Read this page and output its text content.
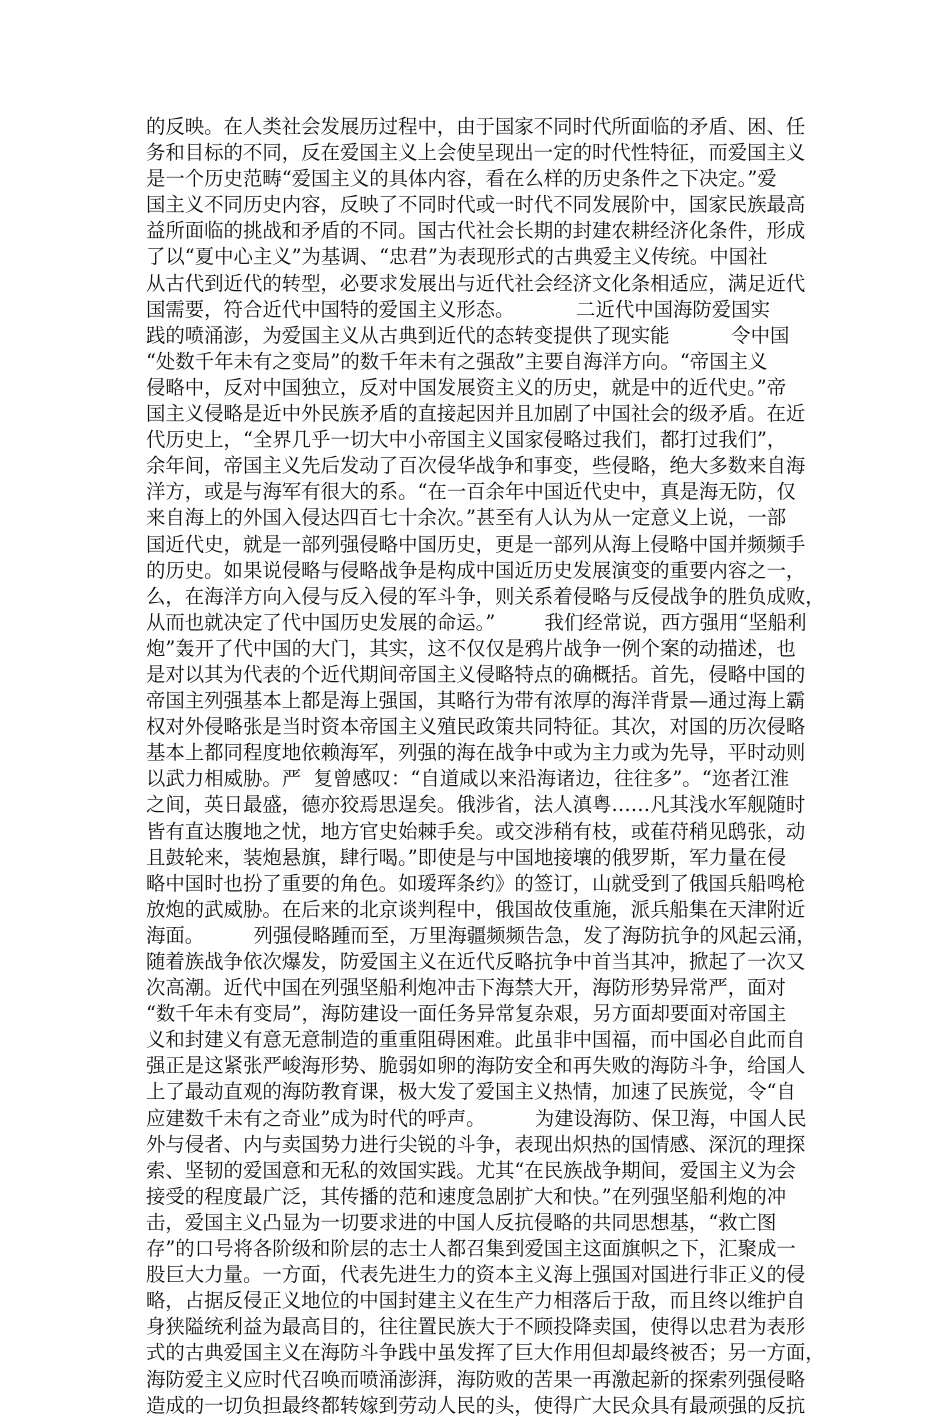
的反映。在人类社会发展历过程中，由于国家不同时代所面临的矛盾、困、任
务和目标的不同，反在爱国主义上会使呈现出一定的时代性特征，而爱国主义
是一个历史范畴“爱国主义的具体内容，看在么样的历史条件之下决定。”爱
国主义不同历史内容，反映了不同时代或一时代不同发展阶中，国家民族最高
益所面临的挑战和矛盾的不同。国古代社会长期的封建农耕经济化条件，形成
了以“夏中心主义”为基调、“忠君”为表现形式的古典爱主义传统。中国社
从古代到近代的转型，必要求发展出与近代社会经济文化条相适应，满足近代
国需要，符合近代中国特的爱国主义形态。          二近代中国海防爱国实
践的喷涌澎，为爱国主义从古典到近代的态转变提供了现实能          令中国
“处数千年未有之变局”的数千年未有之强敌”主要自海洋方向。“帝国主义
侵略中，反对中国独立，反对中国发展资主义的历史，就是中的近代史。”帝
国主义侵略是近中外民族矛盾的直接起因并且加剧了中国社会的级矛盾。在近
代历史上，“全界几乎一切大中小帝国主义国家侵略过我们，都打过我们”，
余年间，帝国主义先后发动了百次侵华战争和事变，些侵略，绝大多数来自海
洋方，或是与海军有很大的系。“在一百余年中国近代史中，真是海无防，仅
来自海上的外国入侵达四百七十余次。”甚至有人认为从一定意义上说，一部
国近代史，就是一部列强侵略中国历史，更是一部列从海上侵略中国并频频手
的历史。如果说侵略与侵略战争是构成中国近历史发展演变的重要内容之一，
么，在海洋方向入侵与反入侵的军斗争，则关系着侵略与反侵战争的胜负成败，
从而也就决定了代中国历史发展的命运。”        我们经常说，西方强用“坚船利
炮”轰开了代中国的大门，其实，这不仅仅是鸦片战争一例个案的动描述，也
是对以其为代表的个近代期间帝国主义侵略特点的确概括。首先，侵略中国的
帝国主列强基本上都是海上强国，其略行为带有浓厚的海洋背景—通过海上霸
权对外侵略张是当时资本帝国主义殖民政策共同特征。其次，对国的历次侵略
基本上都同程度地依赖海军，列强的海在战争中或为主力或为先导，平时动则
以武力相威胁。严  复曾感叹：“自道咸以来沿海诸边，往往多”。“迩者江淮
之间，英日最盛，德亦狡焉思逞矣。俄涉省，法人滇粤……凡其浅水军舰随时
皆有直达腹地之忧，地方官史始棘手矣。或交涉稍有枝，或萑苻稍见鸱张，动
且鼓轮来，装炮悬旗，肆行喝。”即使是与中国地接壤的俄罗斯，军力量在侵
略中国时也扮了重要的角色。如瑷珲条约》的签订，山就受到了俄国兵船鸣枪
放炮的武威胁。在后来的北京谈判程中，俄国故伎重施，派兵船集在天津附近
海面。        列强侵略踵而至，万里海疆频频告急，发了海防抗争的风起云涌，
随着族战争依次爆发，防爱国主义在近代反略抗争中首当其冲，掀起了一次又
次高潮。近代中国在列强坚船利炮冲击下海禁大开，海防形势异常严，面对
“数千年未有变局”，海防建设一面任务异常复杂艰，另方面却要面对帝国主
义和封建义有意无意制造的重重阻碍困难。此虽非中国福，而中国必自此而自
强正是这紧张严峻海形势、脆弱如卵的海防安全和再失败的海防斗争，给国人
上了最动直观的海防教育课，极大发了爱国主义热情，加速了民族觉，令“自
应建数千未有之奇业”成为时代的呼声。        为建设海防、保卫海，中国人民
外与侵者、内与卖国势力进行尖锐的斗争，表现出炽热的国情感、深沉的理探
索、坚韧的爱国意和无私的效国实践。尤其“在民族战争期间，爱国主义为会
接受的程度最广泛，其传播的范和速度急剧扩大和快。”在列强坚船利炮的冲
击，爱国主义凸显为一切要求进的中国人反抗侵略的共同思想基，“救亡图
存”的口号将各阶级和阶层的志士人都召集到爱国主这面旗帜之下，汇聚成一
股巨大力量。一方面，代表先进生力的资本主义海上强国对国进行非正义的侵
略，占据反侵正义地位的中国封建主义在生产力相落后于敌，而且终以维护自
身狭隘统利益为最高目的，往往置民族大于不顾投降卖国，使得以忠君为表形
式的古典爱国主义在海防斗争践中虽发挥了巨大作用但却最终被否；另一方面，
海防爱主义应时代召唤而喷涌澎湃，海防败的苦果一再激起新的探索列强侵略
造成的一切负担最终都转嫁到劳动人民的头，使得广大民众具有最顽强的反抗
